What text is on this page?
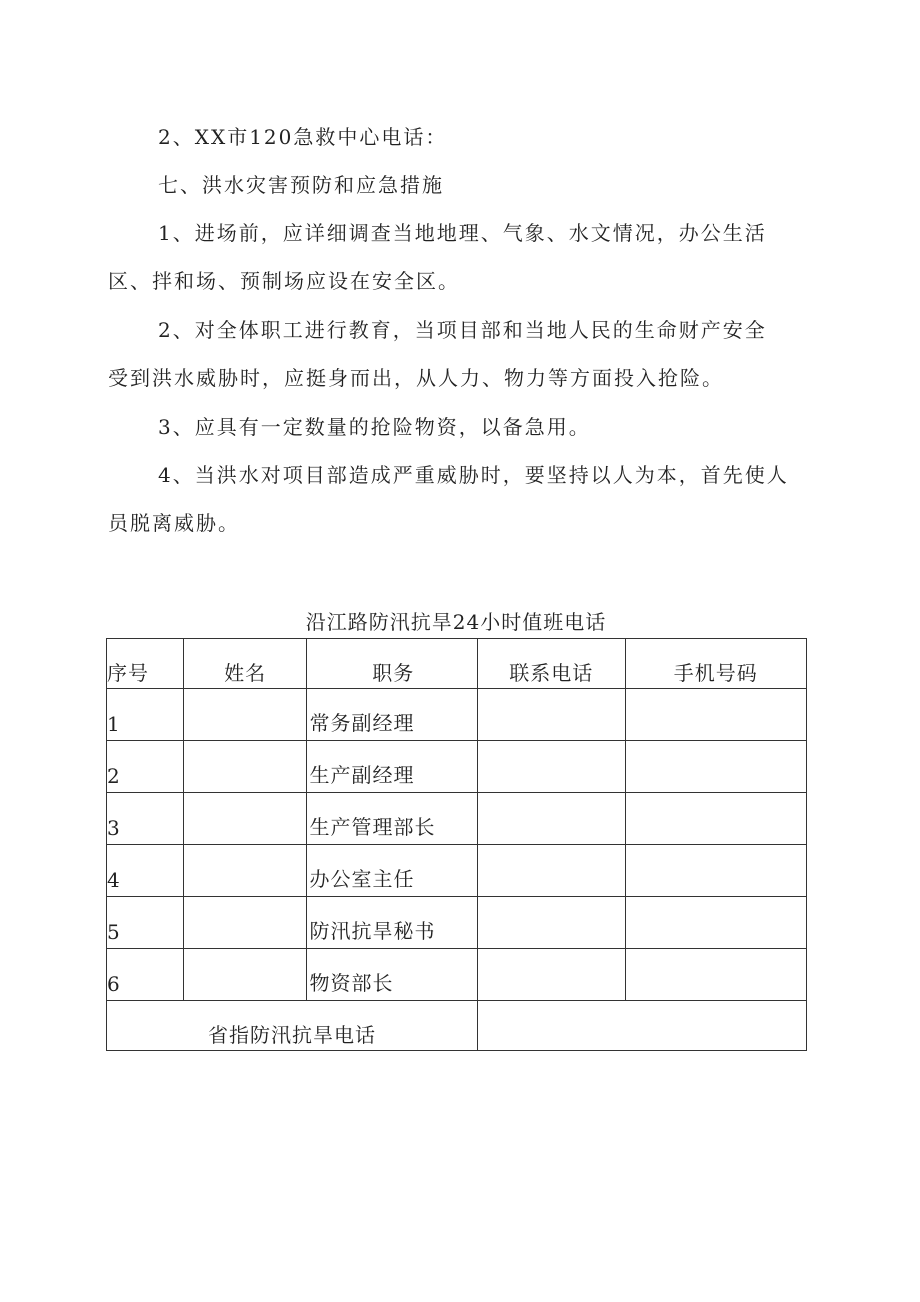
2、XX市120急救中心电话：

七、洪水灾害预防和应急措施

1、进场前，应详细调查当地地理、气象、水文情况，办公生活

区、拌和场、预制场应设在安全区。

2、对全体职工进行教育，当项目部和当地人民的生命财产安全

受到洪水威胁时，应挺身而出，从人力、物力等方面投入抢险。

3、应具有一定数量的抢险物资，以备急用。

4、当洪水对项目部造成严重威胁时，要坚持以人为本，首先使人

员脱离威胁。

沿江路防汛抗旱24小时值班电话
序号	姓名	职务	联系电话	手机号码
1		常务副经理		
2		生产副经理		
3		生产管理部长		
4		办公室主任		
5		防汛抗旱秘书		
6		物资部长		
省指防汛抗旱电话				
